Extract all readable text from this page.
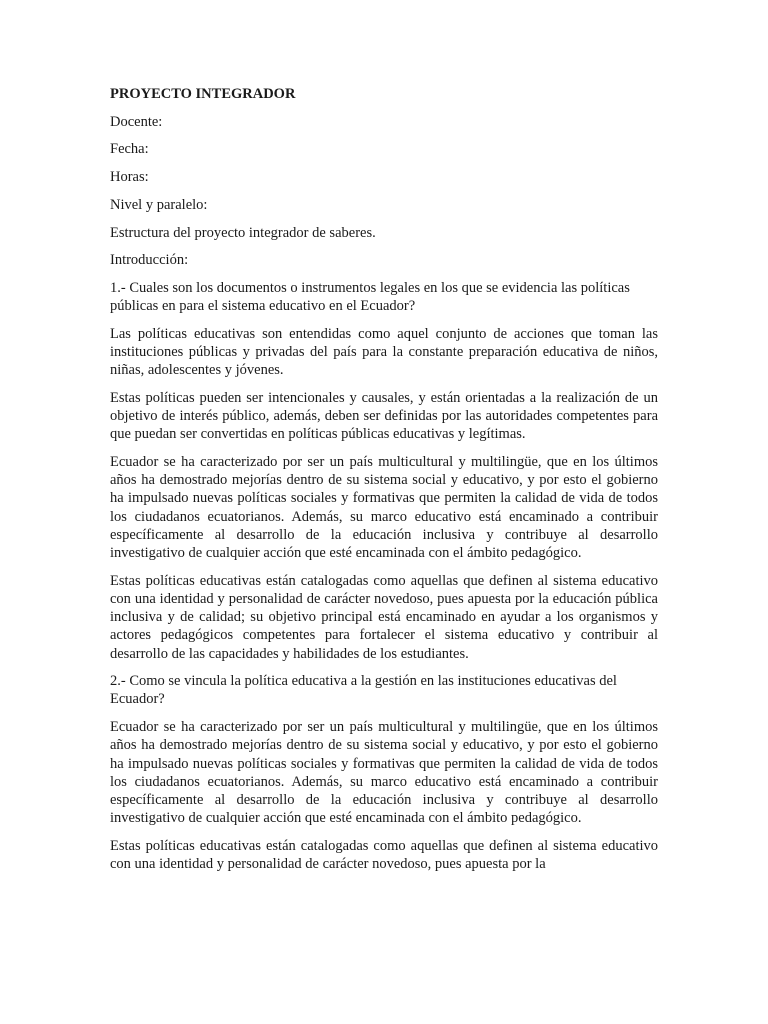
PROYECTO INTEGRADOR

Docente:

Fecha:

Horas:

Nivel y paralelo:

Estructura del proyecto integrador de saberes.

Introducción:

1.- Cuales son los documentos o instrumentos legales en los que se evidencia las políticas públicas en para el sistema educativo en el Ecuador?

Las políticas educativas son entendidas como aquel conjunto de acciones que toman las instituciones públicas y privadas del país para la constante preparación educativa de niños, niñas, adolescentes y jóvenes.

Estas políticas pueden ser intencionales y causales, y están orientadas a la realización de un objetivo de interés público, además, deben ser definidas por las autoridades competentes para que puedan ser convertidas en políticas públicas educativas y legítimas.

Ecuador se ha caracterizado por ser un país multicultural y multilingüe, que en los últimos años ha demostrado mejorías dentro de su sistema social y educativo, y por esto el gobierno ha impulsado nuevas políticas sociales y formativas que permiten la calidad de vida de todos los ciudadanos ecuatorianos. Además, su marco educativo está encaminado a contribuir específicamente al desarrollo de la educación inclusiva y contribuye al desarrollo investigativo de cualquier acción que esté encaminada con el ámbito pedagógico.

Estas políticas educativas están catalogadas como aquellas que definen al sistema educativo con una identidad y personalidad de carácter novedoso, pues apuesta por la educación pública inclusiva y de calidad; su objetivo principal está encaminado en ayudar a los organismos y actores pedagógicos competentes para fortalecer el sistema educativo y contribuir al desarrollo de las capacidades y habilidades de los estudiantes.

2.- Como se vincula la política educativa a la gestión en las instituciones educativas del Ecuador?

Ecuador se ha caracterizado por ser un país multicultural y multilingüe, que en los últimos años ha demostrado mejorías dentro de su sistema social y educativo, y por esto el gobierno ha impulsado nuevas políticas sociales y formativas que permiten la calidad de vida de todos los ciudadanos ecuatorianos. Además, su marco educativo está encaminado a contribuir específicamente al desarrollo de la educación inclusiva y contribuye al desarrollo investigativo de cualquier acción que esté encaminada con el ámbito pedagógico.

Estas políticas educativas están catalogadas como aquellas que definen al sistema educativo con una identidad y personalidad de carácter novedoso, pues apuesta por la
